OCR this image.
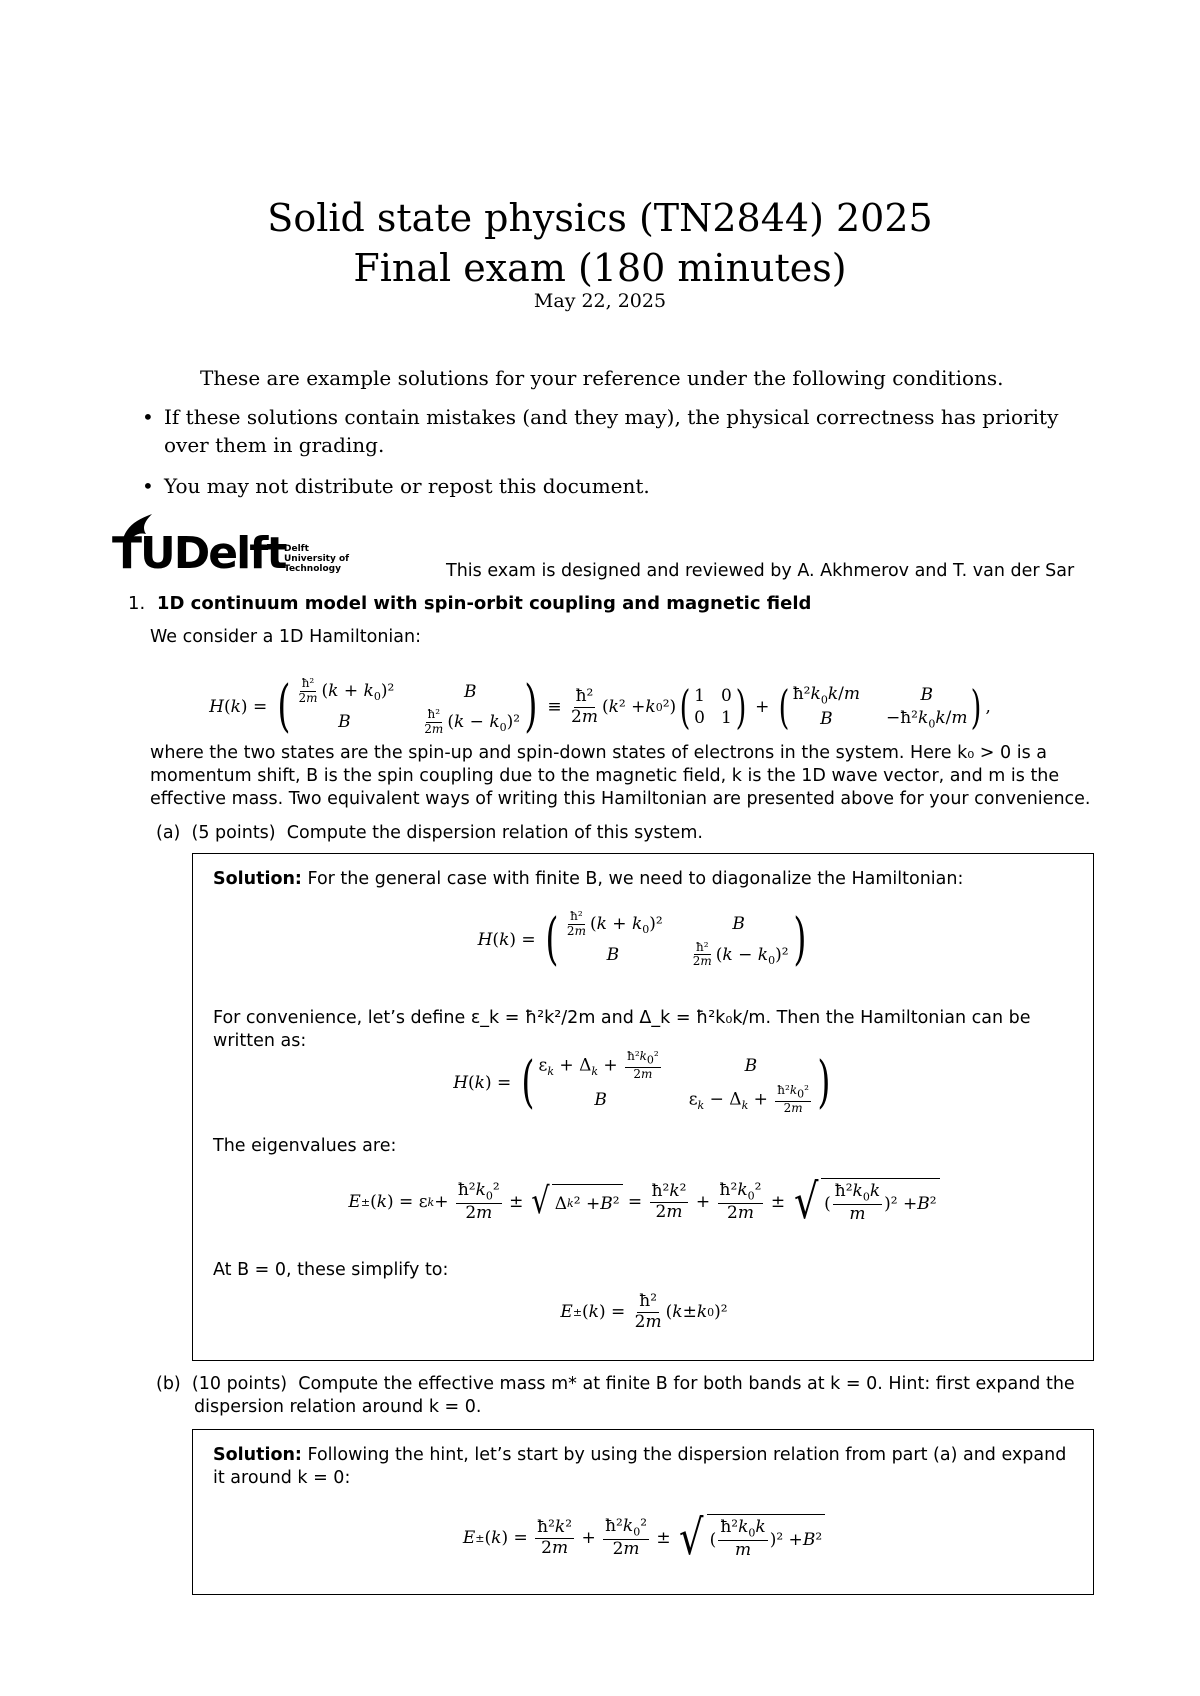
Solid state physics (TN2844) 2025
Final exam (180 minutes)
May 22, 2025
These are example solutions for your reference under the following conditions.
• If these solutions contain mistakes (and they may), the physical correctness has priority over them in grading.
• You may not distribute or repost this document.
TUDelft
Delft
University of
Technology	This exam is designed and reviewed by A. Akhmerov and T. van der Sar
1. 1D continuum model with spin-orbit coupling and magnetic field
We consider a 1D Hamiltonian:
H ( k ) = ( $\frac{\text{ħ²}}{2m} (k + k_0)^2$	B
B	$\frac{\text{ħ²}}{2m} (k - k_0)^2$ ) ≡ $\frac{\text{ħ²}}{2m}$ ( k ² + k 0 ²) ( 1 0
0 1 ) + ( $ħ^2k_0k/m$	B
B	$-ħ^2k_0k/m$ ) ,
where the two states are the spin-up and spin-down states of electrons in the system. Here k₀ > 0 is a momentum shift, B is the spin coupling due to the magnetic field, k is the 1D wave vector, and m is the effective mass. Two equivalent ways of writing this Hamiltonian are presented above for your convenience.
(a) (5 points) Compute the dispersion relation of this system.
Solution: For the general case with finite B, we need to diagonalize the Hamiltonian:
H ( k ) = ( $\frac{\text{ħ²}}{2m} (k + k_0)^2$	B
B	$\frac{\text{ħ²}}{2m} (k - k_0)^2$ )
For convenience, let’s define ε_k = ħ²k²/2m and Δ_k = ħ²k₀k/m. Then the Hamiltonian can be written as:
H ( k ) = ( $\varepsilon_k + \Delta_k + \frac{ħ^2k_0^2}{2m}$	B
B	$\varepsilon_k - \Delta_k + \frac{ħ^2k_0^2}{2m}$ )
The eigenvalues are:
E ± ( k ) = ε $k + \frac{ħ^2k_0^2}{2m}$ ± √ Δ k ² + B $^2 = \frac{\text{ħ²k²}}{2m} + \frac{ħ^2k_0^2}{2m}$ ± √ ( $\frac{ħ^2k_0k}{m} )^2 + B$ ²
At B = 0, these simplify to:
E ± ( k ) = $\frac{\text{ħ²}}{2m}$ ( k ± k 0 )²
(b) (10 points) Compute the effective mass m* at finite B for both bands at k = 0. Hint: first expand the dispersion relation around k = 0.
Solution: Following the hint, let’s start by using the dispersion relation from part (a) and expand it around k = 0:
E ± ( k ) = $\frac{\text{ħ²k²}}{2m} + \frac{ħ^2k_0^2}{2m}$ ± √ ( $\frac{ħ^2k_0k}{m} )^2 + B$ ²
